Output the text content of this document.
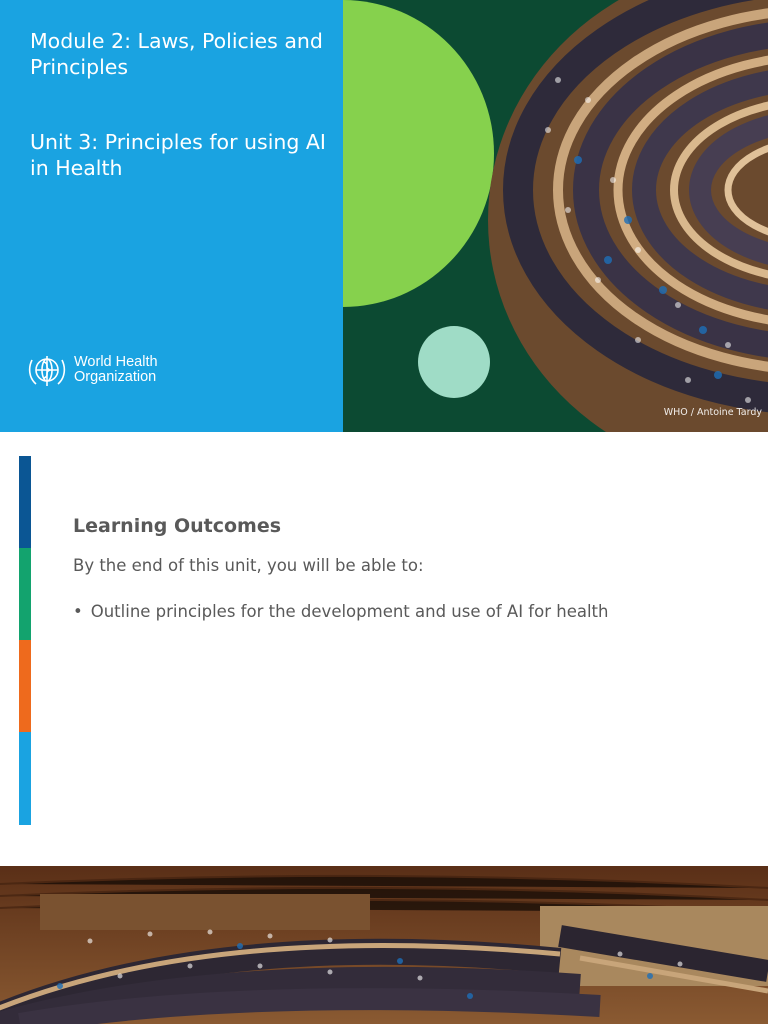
Module 2: Laws, Policies and Principles
Unit 3: Principles for using AI in Health
World Health Organization
WHO / Antoine Tardy
Learning Outcomes

By the end of this unit, you will be able to:

• Outline principles for the development and use of AI for health
